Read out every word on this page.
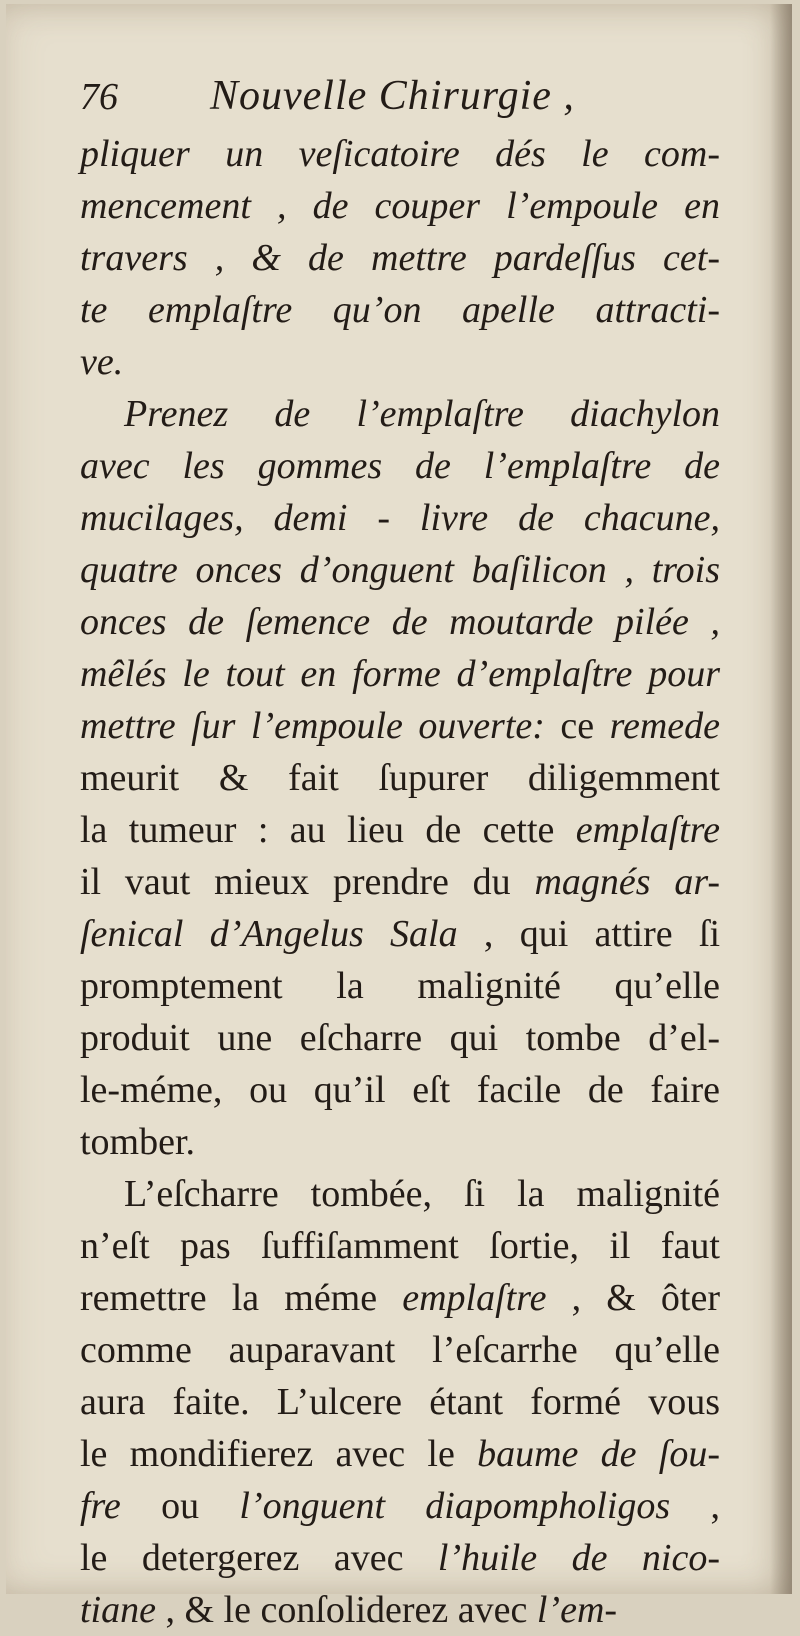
76	Nouvelle Chirurgie ,
pliquer un veſicatoire dés le com-
mencement , de couper l’empoule en
travers , & de mettre pardeſſus cet-
te emplaſtre qu’on apelle attracti-
ve.
Prenez de l’emplaſtre diachylon
avec les gommes de l’emplaſtre de
mucilages, demi - livre de chacune,
quatre onces d’onguent baſilicon , trois
onces de ſemence de moutarde pilée ,
mêlés le tout en forme d’emplaſtre pour
mettre ſur l’empoule ouverte: ce remede
meurit & fait ſupurer diligemment
la tumeur : au lieu de cette emplaſtre
il vaut mieux prendre du magnés ar-
ſenical d’Angelus Sala , qui attire ſi
promptement la malignité qu’elle
produit une eſcharre qui tombe d’el-
le-méme, ou qu’il eſt facile de faire
tomber.
L’eſcharre tombée, ſi la malignité
n’eſt pas ſuffiſamment ſortie, il faut
remettre la méme emplaſtre , & ôter
comme auparavant l’eſcarrhe qu’elle
aura faite. L’ulcere étant formé vous
le mondifierez avec le baume de ſou-
fre ou l’onguent diapompholigos ,
le detergerez avec l’huile de nico-
tiane , & le conſoliderez avec l’em-
